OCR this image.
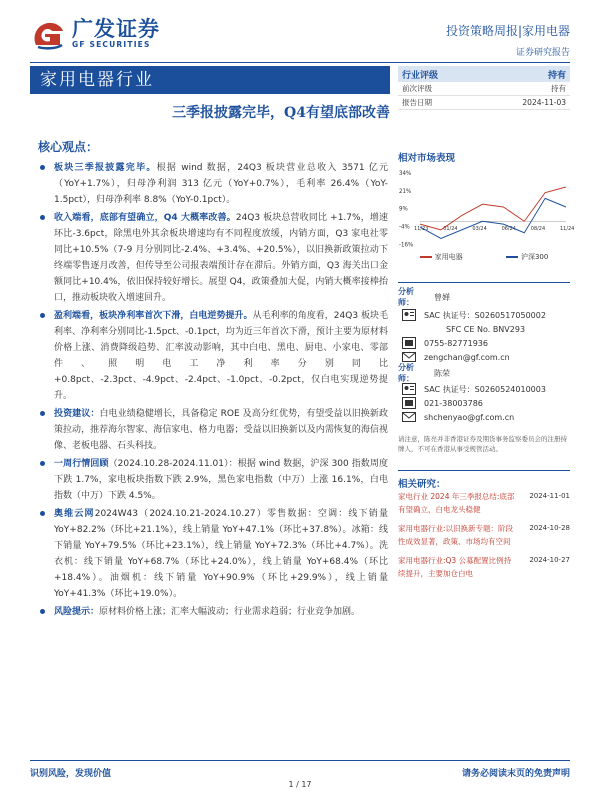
广发证券
GF SECURITIES
投资策略周报|家用电器
证券研究报告
家用电器行业
三季报披露完毕，Q4有望底部改善
核心观点：
板块三季报披露完毕。根据 wind 数据，24Q3 板块营业总收入 3571 亿元（YoY+1.7%），归母净利润 313 亿元（YoY+0.7%），毛利率 26.4%（YoY-1.5pct），归母净利率 8.8%（YoY-0.1pct）。
收入端看，底部有望确立，Q4 大概率改善。24Q3 板块总营收同比 +1.7%，增速环比-3.6pct，除黑电外其余板块增速均有不同程度放缓，内销方面，Q3 家电社零同比+10.5%（7-9 月分别同比-2.4%、+3.4%、+20.5%），以旧换新政策拉动下终端零售逐月改善，但传导至公司报表端预计存在滞后。外销方面，Q3 海关出口金额同比+10.4%，依旧保持较好增长。展望 Q4，政策叠加大促，内销大概率接棒抬口，推动板块收入增速回升。
盈利端看，板块净利率首次下滑，白电逆势提升。从毛利率的角度看，24Q3 板块毛利率、净利率分别同比-1.5pct、-0.1pct，均为近三年首次下滑，预计主要为原材料价格上涨、消费降级趋势、汇率波动影响，其中白电、黑电、厨电、小家电、零部件、照明电工净利率分别同比+0.8pct、-2.3pct、-4.9pct、-2.4pct、-1.0pct、-0.2pct，仅白电实现逆势提升。
投资建议：白电业绩稳健增长，具备稳定 ROE 及高分红优势，有望受益以旧换新政策拉动，推荐海尔智家、海信家电、格力电器；受益以旧换新以及内需恢复的海信视像、老板电器、石头科技。
一周行情回顾（2024.10.28-2024.11.01）：根据 wind 数据，沪深 300 指数周度下跌 1.7%，家电板块指数下跌 2.9%，黑色家电指数（中万）上涨 16.1%，白电指数（中万）下跌 4.5%。
奥维云网2024W43（2024.10.21-2024.10.27）零售数据：空调：线下销量 YoY+82.2%（环比+21.1%），线上销量 YoY+47.1%（环比+37.8%）。冰箱：线下销量 YoY+79.5%（环比+23.1%），线上销量 YoY+72.3%（环比+4.7%）。洗衣机：线下销量 YoY+68.7%（环比+24.0%），线上销量 YoY+68.4%（环比+18.4%）。油烟机：线下销量 YoY+90.9%（环比+29.9%），线上销量 YoY+41.3%（环比+19.0%）。
风险提示：原材料价格上涨；汇率大幅波动；行业需求趋弱；行业竞争加剧。
行业评级	持有
前次评级	持有
报告日期	2024-11-03
相对市场表现
34%
21%
9%
-4%
-16%
11/23	01/24	03/24	06/24	08/24	11/24
家用电器	沪深300
分析师：
曾婵
SAC 执证号：S0260517050002
SFC CE No. BNV293
0755-82771936
zengchan@gf.com.cn
分析师：
陈荣
SAC 执证号：S0260524010003
021-38003786
shchenyao@gf.com.cn
请注意，陈亮并非香港证券及期货事务监察委员会的注册持牌人，不可在香港从事受规管活动。
相关研究：
家电行业 2024 年三季报总结:底部有望确立，白电龙头稳健
2024-11-01
家用电器行业:以旧换新专题：阶段性成效显著，政策、市场均有空间
2024-10-28
家用电器行业:Q3 公募配置比例持续提升，主要加仓白电
2024-10-27
识别风险，发现价值	请务必阅读末页的免责声明
1 / 17
